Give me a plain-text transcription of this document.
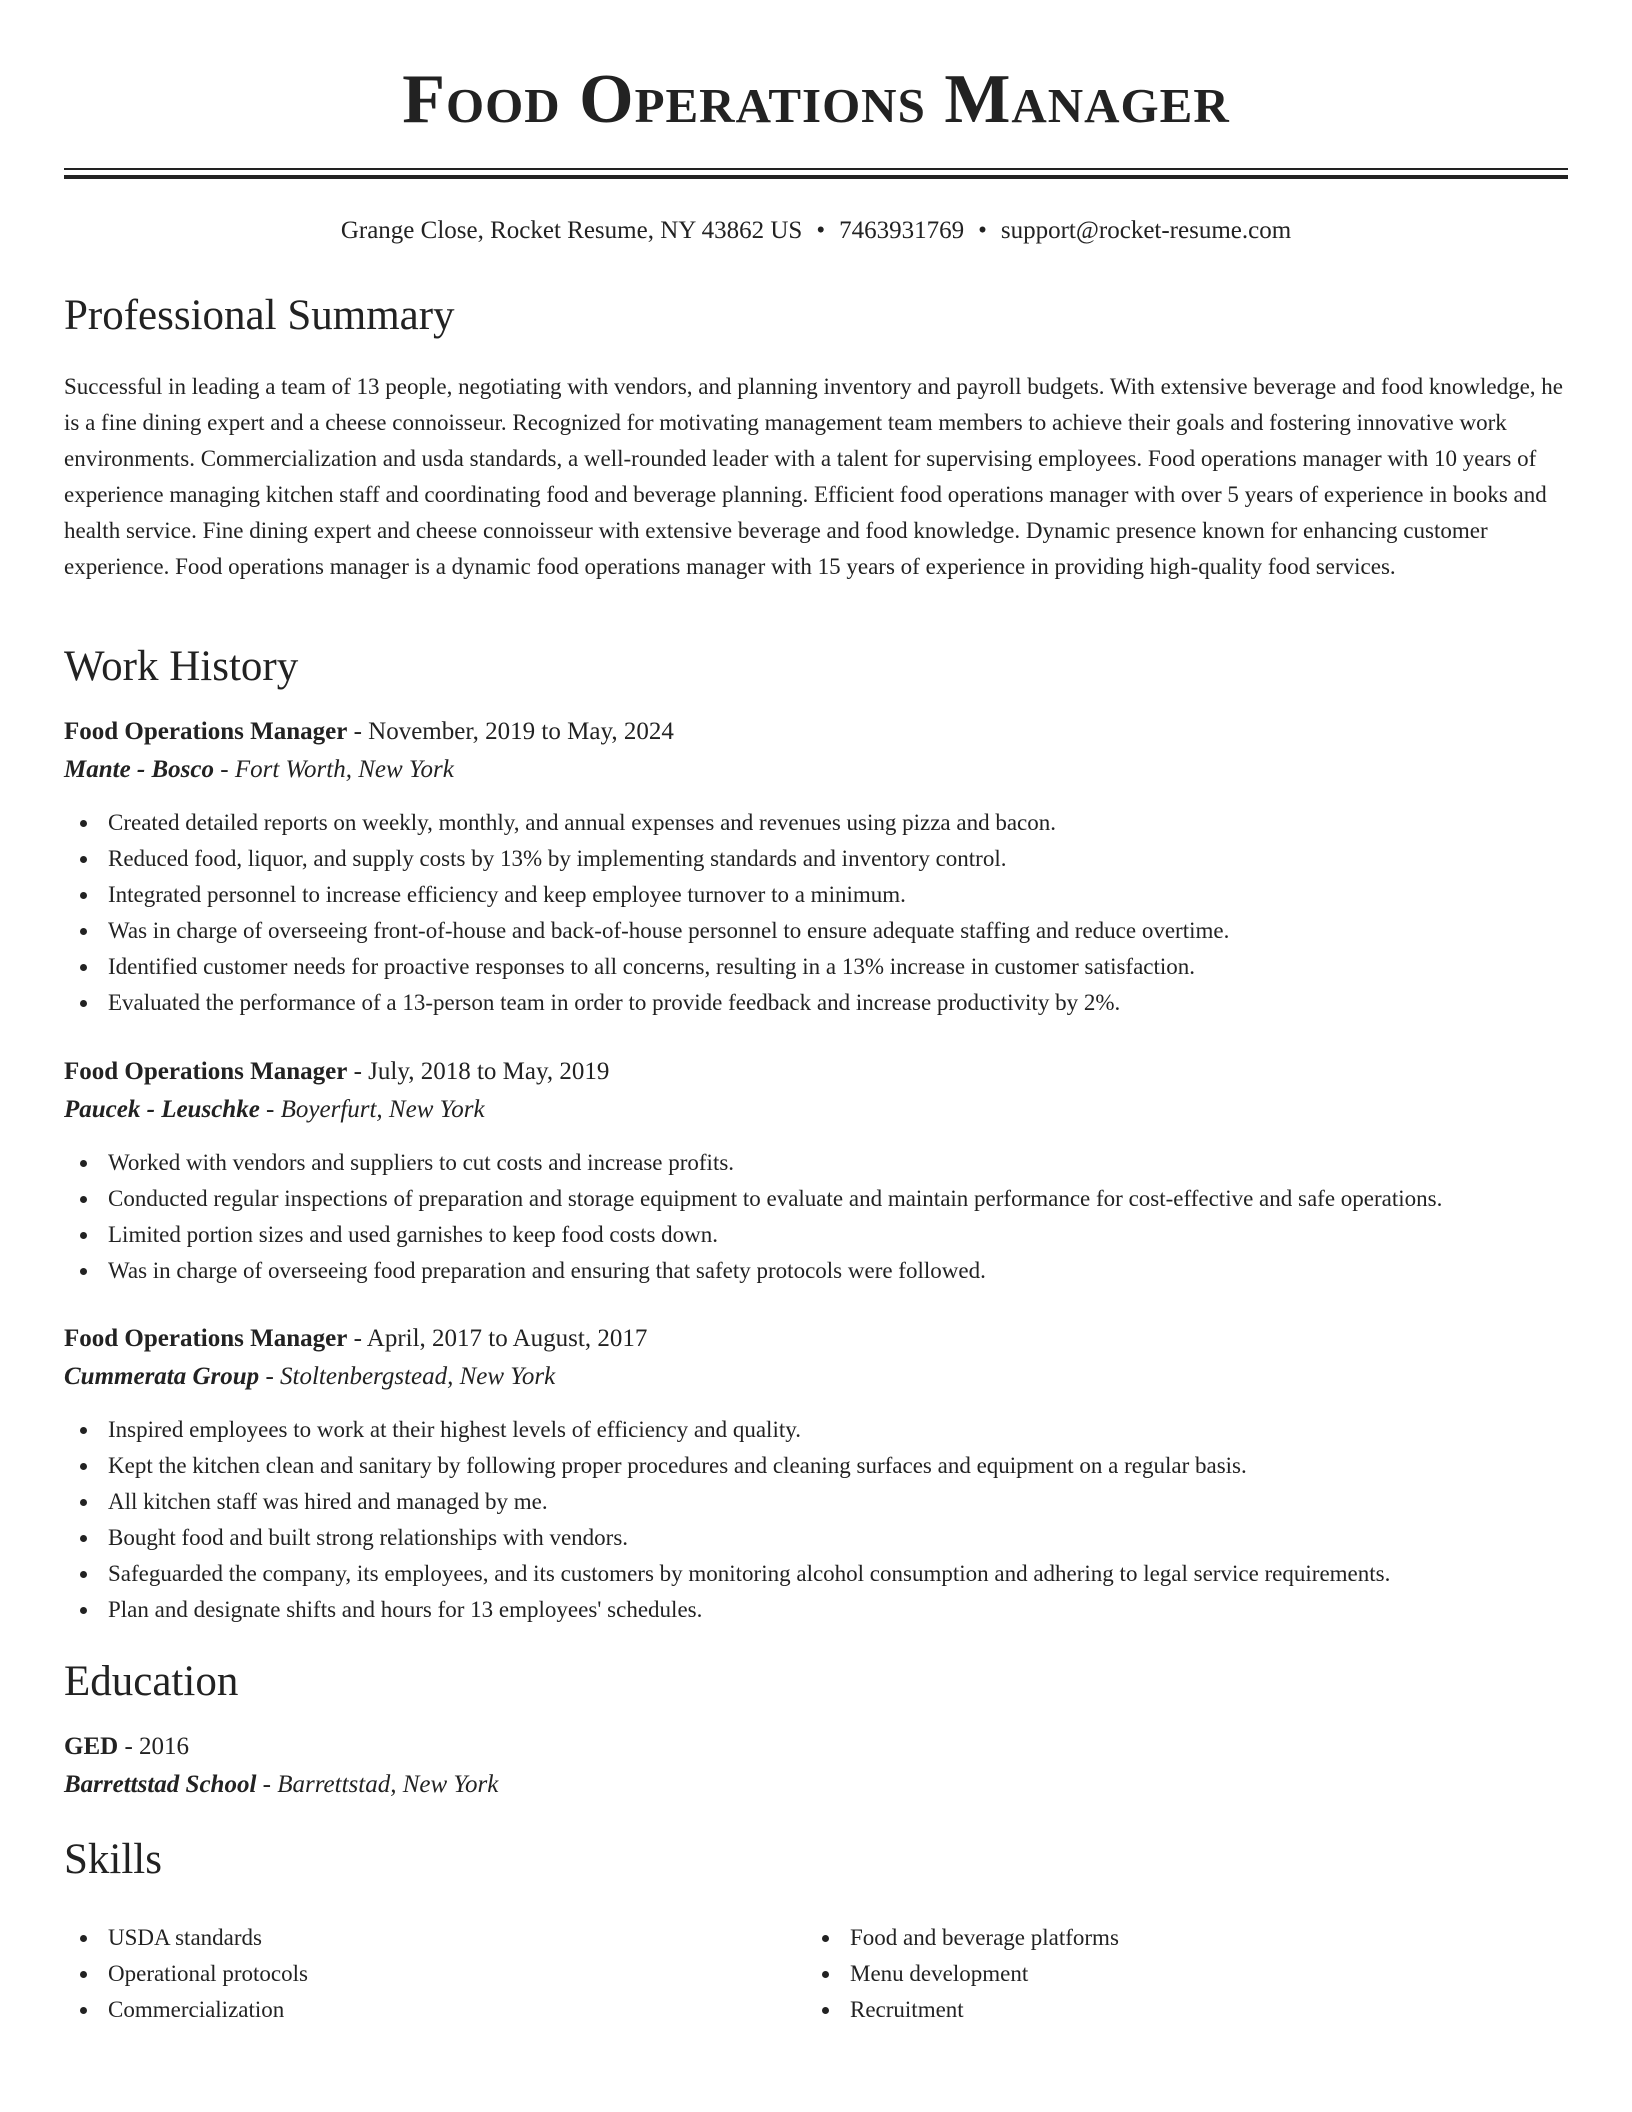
Food Operations Manager
Grange Close, Rocket Resume, NY 43862 US • 7463931769 • support@rocket-resume.com
Professional Summary

Successful in leading a team of 13 people, negotiating with vendors, and planning inventory and payroll budgets. With extensive beverage and food knowledge, he is a fine dining expert and a cheese connoisseur. Recognized for motivating management team members to achieve their goals and fostering innovative work environments. Commercialization and usda standards, a well-rounded leader with a talent for supervising employees. Food operations manager with 10 years of experience managing kitchen staff and coordinating food and beverage planning. Efficient food operations manager with over 5 years of experience in books and health service. Fine dining expert and cheese connoisseur with extensive beverage and food knowledge. Dynamic presence known for enhancing customer experience. Food operations manager is a dynamic food operations manager with 15 years of experience in providing high-quality food services.

Work History
Food Operations Manager - November, 2019 to May, 2024
Mante - Bosco - Fort Worth, New York
Created detailed reports on weekly, monthly, and annual expenses and revenues using pizza and bacon.
Reduced food, liquor, and supply costs by 13% by implementing standards and inventory control.
Integrated personnel to increase efficiency and keep employee turnover to a minimum.
Was in charge of overseeing front-of-house and back-of-house personnel to ensure adequate staffing and reduce overtime.
Identified customer needs for proactive responses to all concerns, resulting in a 13% increase in customer satisfaction.
Evaluated the performance of a 13-person team in order to provide feedback and increase productivity by 2%.
Food Operations Manager - July, 2018 to May, 2019
Paucek - Leuschke - Boyerfurt, New York
Worked with vendors and suppliers to cut costs and increase profits.
Conducted regular inspections of preparation and storage equipment to evaluate and maintain performance for cost-effective and safe operations.
Limited portion sizes and used garnishes to keep food costs down.
Was in charge of overseeing food preparation and ensuring that safety protocols were followed.
Food Operations Manager - April, 2017 to August, 2017
Cummerata Group - Stoltenbergstead, New York
Inspired employees to work at their highest levels of efficiency and quality.
Kept the kitchen clean and sanitary by following proper procedures and cleaning surfaces and equipment on a regular basis.
All kitchen staff was hired and managed by me.
Bought food and built strong relationships with vendors.
Safeguarded the company, its employees, and its customers by monitoring alcohol consumption and adhering to legal service requirements.
Plan and designate shifts and hours for 13 employees' schedules.
Education
GED - 2016
Barrettstad School - Barrettstad, New York
Skills
USDA standards
Operational protocols
Commercialization
Food and beverage platforms
Menu development
Recruitment
